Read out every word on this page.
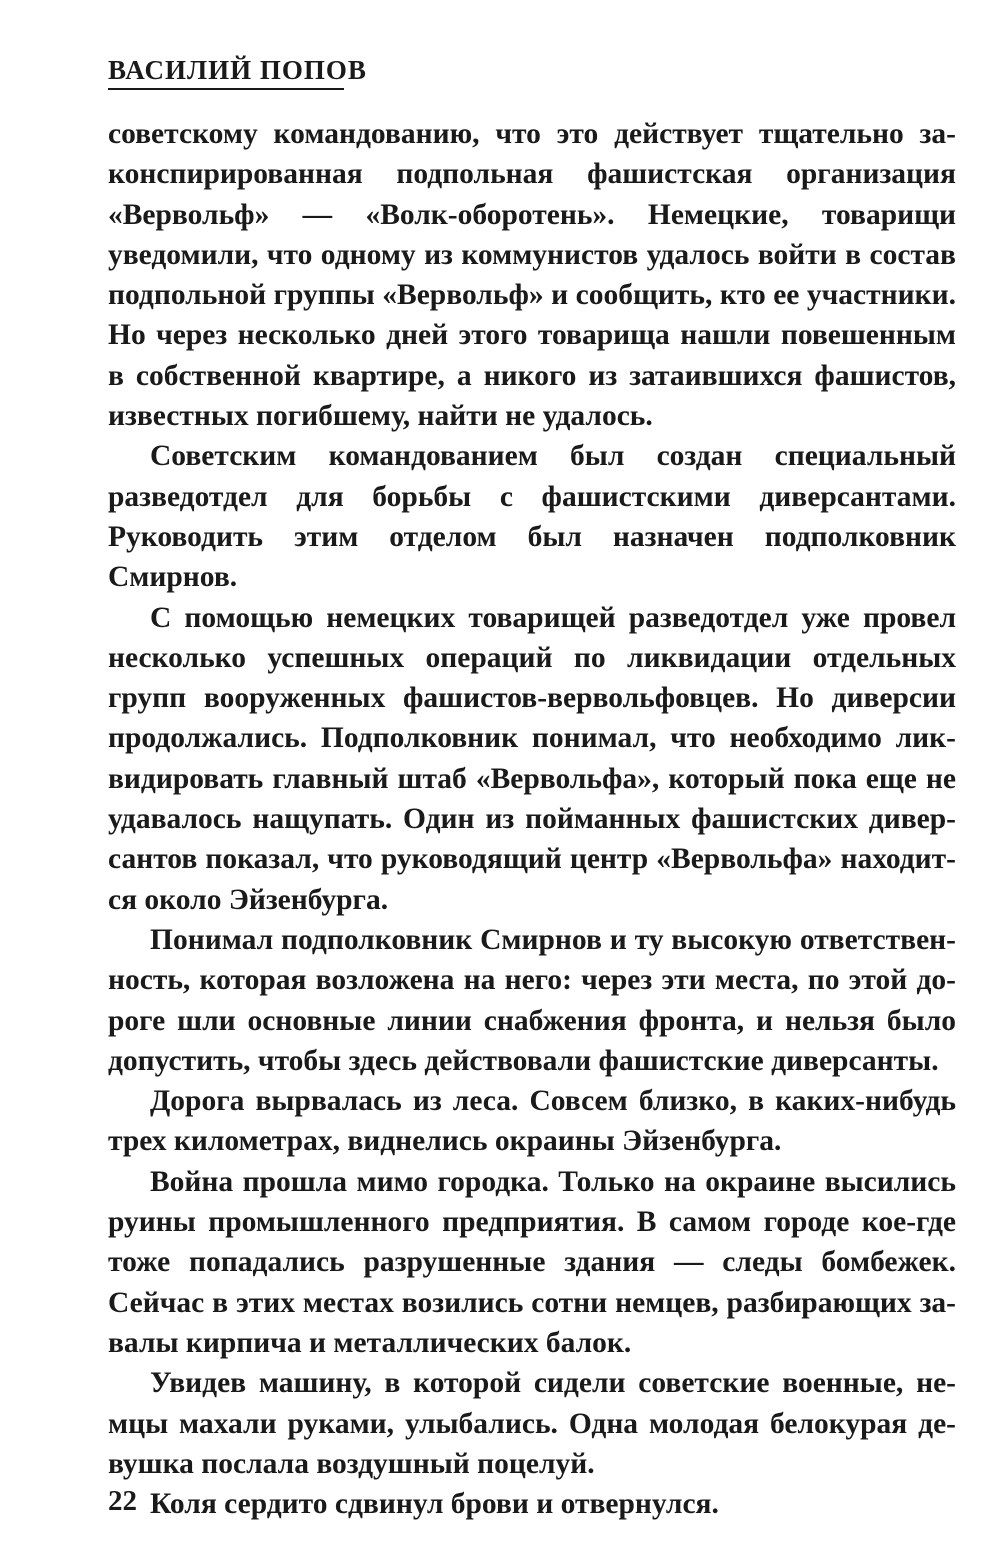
ВАСИЛИЙ ПОПОВ

советскому командованию, что это действует тщательно законспирированная подпольная фашистская организация «Вервольф» — «Волк-оборотень». Немецкие, товарищи уведомили, что одному из коммунистов удалось войти в состав подпольной группы «Вервольф» и сообщить, кто ее участники. Но через несколько дней этого товарища нашли повешенным в собственной квартире, а никого из затаившихся фашистов, известных погибшему, найти не удалось.

Советским командованием был создан специальный разведотдел для борьбы с фашистскими диверсантами. Руководить этим отделом был назначен подполковник Смирнов.

С помощью немецких товарищей разведотдел уже провел несколько успешных операций по ликвидации отдельных групп вооруженных фашистов-вервольфовцев. Но диверсии продолжались. Подполковник понимал, что необходимо ликвидировать главный штаб «Вервольфа», который пока еще не удавалось нащупать. Один из пойманных фашистских диверсантов показал, что руководящий центр «Вервольфа» находится около Эйзенбурга.

Понимал подполковник Смирнов и ту высокую ответственность, которая возложена на него: через эти места, по этой дороге шли основные линии снабжения фронта, и нельзя было допустить, чтобы здесь действовали фашистские диверсанты.

Дорога вырвалась из леса. Совсем близко, в каких-нибудь трех километрах, виднелись окраины Эйзенбурга.

Война прошла мимо городка. Только на окраине высились руины промышленного предприятия. В самом городе кое-где тоже попадались разрушенные здания — следы бомбежек. Сейчас в этих местах возились сотни немцев, разбирающих завалы кирпича и металлических балок.

Увидев машину, в которой сидели советские военные, немцы махали руками, улыбались. Одна молодая белокурая девушка послала воздушный поцелуй.

Коля сердито сдвинул брови и отвернулся.

22
